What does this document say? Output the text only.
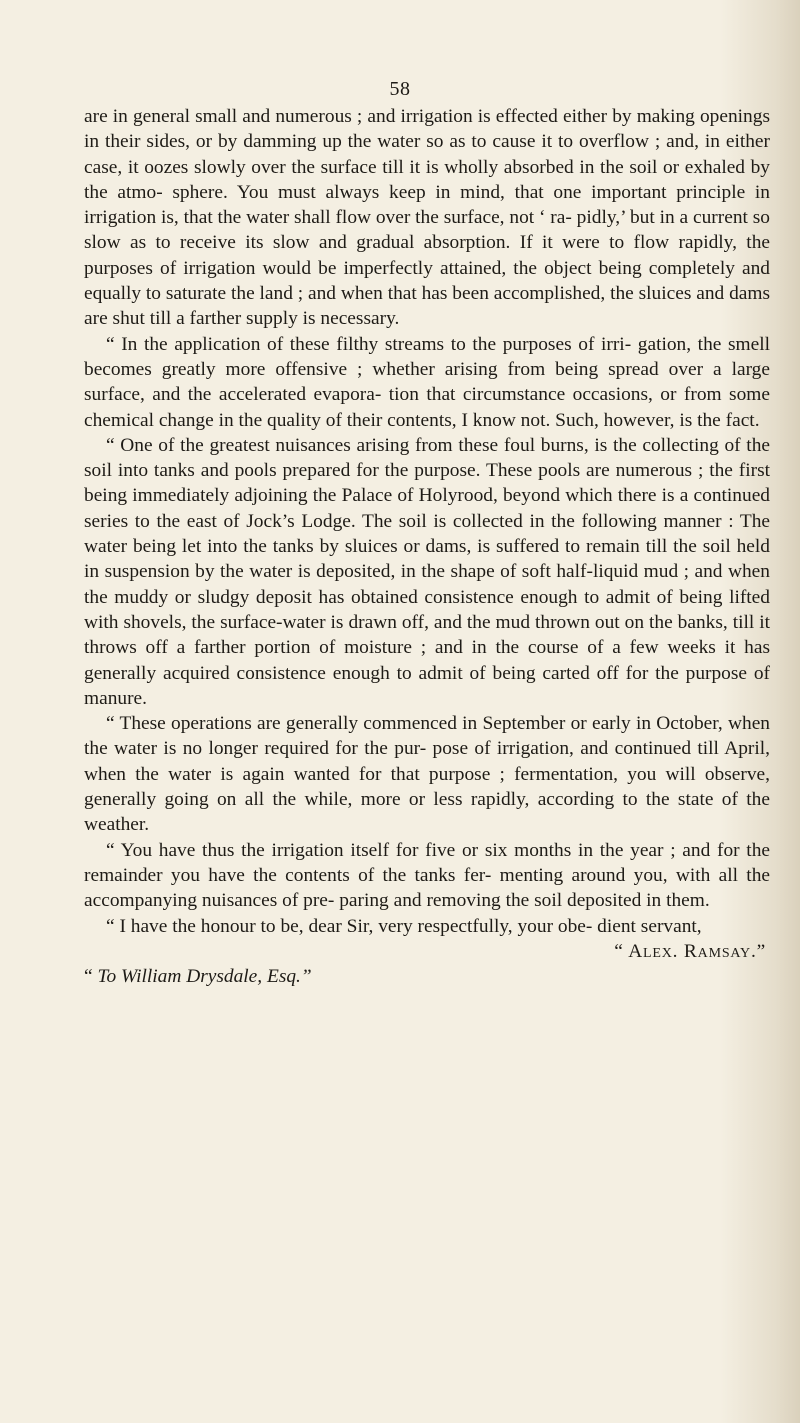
58

are in general small and numerous ; and irrigation is effected either by making openings in their sides, or by damming up the water so as to cause it to overflow ; and, in either case, it oozes slowly over the surface till it is wholly absorbed in the soil or exhaled by the atmo- sphere. You must always keep in mind, that one important principle in irrigation is, that the water shall flow over the surface, not ‘ ra- pidly,’ but in a current so slow as to receive its slow and gradual absorption. If it were to flow rapidly, the purposes of irrigation would be imperfectly attained, the object being completely and equally to saturate the land ; and when that has been accomplished, the sluices and dams are shut till a farther supply is necessary.

“ In the application of these filthy streams to the purposes of irri- gation, the smell becomes greatly more offensive ; whether arising from being spread over a large surface, and the accelerated evapora- tion that circumstance occasions, or from some chemical change in the quality of their contents, I know not. Such, however, is the fact.

“ One of the greatest nuisances arising from these foul burns, is the collecting of the soil into tanks and pools prepared for the purpose. These pools are numerous ; the first being immediately adjoining the Palace of Holyrood, beyond which there is a continued series to the east of Jock’s Lodge. The soil is collected in the following manner : The water being let into the tanks by sluices or dams, is suffered to remain till the soil held in suspension by the water is deposited, in the shape of soft half-liquid mud ; and when the muddy or sludgy deposit has obtained consistence enough to admit of being lifted with shovels, the surface-water is drawn off, and the mud thrown out on the banks, till it throws off a farther portion of moisture ; and in the course of a few weeks it has generally acquired consistence enough to admit of being carted off for the purpose of manure.

“ These operations are generally commenced in September or early in October, when the water is no longer required for the pur- pose of irrigation, and continued till April, when the water is again wanted for that purpose ; fermentation, you will observe, generally going on all the while, more or less rapidly, according to the state of the weather.

“ You have thus the irrigation itself for five or six months in the year ; and for the remainder you have the contents of the tanks fer- menting around you, with all the accompanying nuisances of pre- paring and removing the soil deposited in them.

“ I have the honour to be, dear Sir, very respectfully, your obe- dient servant,

“ Alex. Ramsay.”

“ To William Drysdale, Esq.”
